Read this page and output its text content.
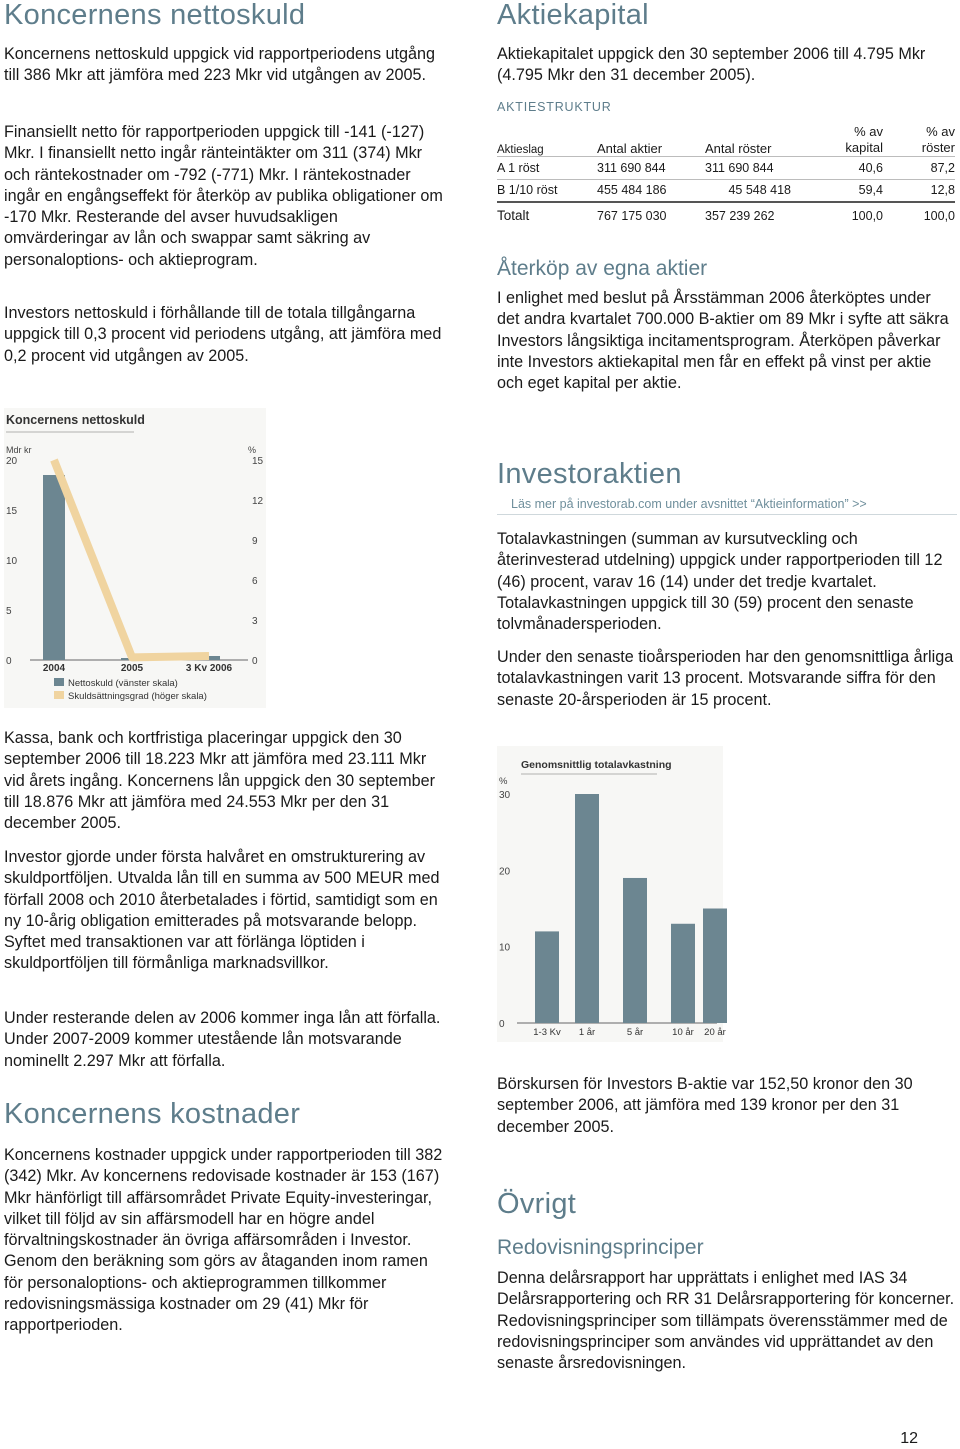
Koncernens nettoskuld

Koncernens nettoskuld uppgick vid rapportperiodens utgång till 386 Mkr att jämföra med 223 Mkr vid utgången av 2005.

Finansiellt netto för rapportperioden uppgick till -141 (-127) Mkr. I finansiellt netto ingår ränteintäkter om 311 (374) Mkr och räntekostnader om -792 (-771) Mkr. I räntekostnader ingår en engångseffekt för återköp av publika obligationer om -170 Mkr. Resterande del avser huvudsakligen omvärderingar av lån och swappar samt säkring av personaloptions- och aktieprogram.

Investors nettoskuld i förhållande till de totala tillgångarna uppgick till 0,3 procent vid periodens utgång, att jämföra med 0,2 procent vid utgången av 2005.

Koncernens nettoskuld
Mdr kr	%
0
5
10
15
20
0
3
6
9
12
15
2004	2005	3 Kv 2006
Nettoskuld (vänster skala)
Skuldsättningsgrad (höger skala)

Kassa, bank och kortfristiga placeringar uppgick den 30 september 2006 till 18.223 Mkr att jämföra med 23.111 Mkr vid årets ingång. Koncernens lån uppgick den 30 september till 18.876 Mkr att jämföra med 24.553 Mkr per den 31 december 2005.

Investor gjorde under första halvåret en omstrukturering av skuldportföljen. Utvalda lån till en summa av 500 MEUR med förfall 2008 och 2010 återbetalades i förtid, samtidigt som en ny 10-årig obligation emitterades på motsvarande belopp. Syftet med transaktionen var att förlänga löptiden i skuldportföljen till förmånliga marknadsvillkor.

Under resterande delen av 2006 kommer inga lån att förfalla. Under 2007-2009 kommer utestående lån motsvarande nominellt 2.297 Mkr att förfalla.

Koncernens kostnader

Koncernens kostnader uppgick under rapportperioden till 382 (342) Mkr. Av koncernens redovisade kostnader är 153 (167) Mkr hänförligt till affärsområdet Private Equity-investeringar, vilket till följd av sin affärsmodell har en högre andel förvaltningskostnader än övriga affärsområden i Investor. Genom den beräkning som görs av åtaganden inom ramen för personaloptions- och aktieprogrammen tillkommer redovisningsmässiga kostnader om 29 (41) Mkr för rapportperioden.

Aktiekapital

Aktiekapitalet uppgick den 30 september 2006 till 4.795 Mkr (4.795 Mkr den 31 december 2005).

AKTIESTRUKTUR
Aktieslag	Antal aktier	Antal röster	% av kapital	% av röster
A 1 röst	311 690 844	311 690 844	40,6	87,2
B 1/10 röst	455 484 186	45 548 418	59,4	12,8
Totalt	767 175 030	357 239 262	100,0	100,0
Återköp av egna aktier

I enlighet med beslut på Årsstämman 2006 återköptes under det andra kvartalet 700.000 B-aktier om 89 Mkr i syfte att säkra Investors långsiktiga incitamentsprogram. Återköpen påverkar inte Investors aktiekapital men får en effekt på vinst per aktie och eget kapital per aktie.

Investoraktien
Läs mer på investorab.com under avsnittet “Aktieinformation” >>

Totalavkastningen (summan av kursutveckling och återinvesterad utdelning) uppgick under rapportperioden till 12 (46) procent, varav 16 (14) under det tredje kvartalet. Totalavkastningen uppgick till 30 (59) procent den senaste tolvmånadersperioden.

Under den senaste tioårsperioden har den genomsnittliga årliga totalavkastningen varit 13 procent. Motsvarande siffra för den senaste 20-årsperioden är 15 procent.

Genomsnittlig totalavkastning
%
0
10
20
30
1-3 Kv 1 år	5 år	10 år 20 år

Börskursen för Investors B-aktie var 152,50 kronor den 30 september 2006, att jämföra med 139 kronor per den 31 december 2005.

Övrigt
Redovisningsprinciper

Denna delårsrapport har upprättats i enlighet med IAS 34 Delårsrapportering och RR 31 Delårsrapportering för koncerner. Redovisningsprinciper som tillämpats överensstämmer med de redovisningsprinciper som användes vid upprättandet av den senaste årsredovisningen.

12
